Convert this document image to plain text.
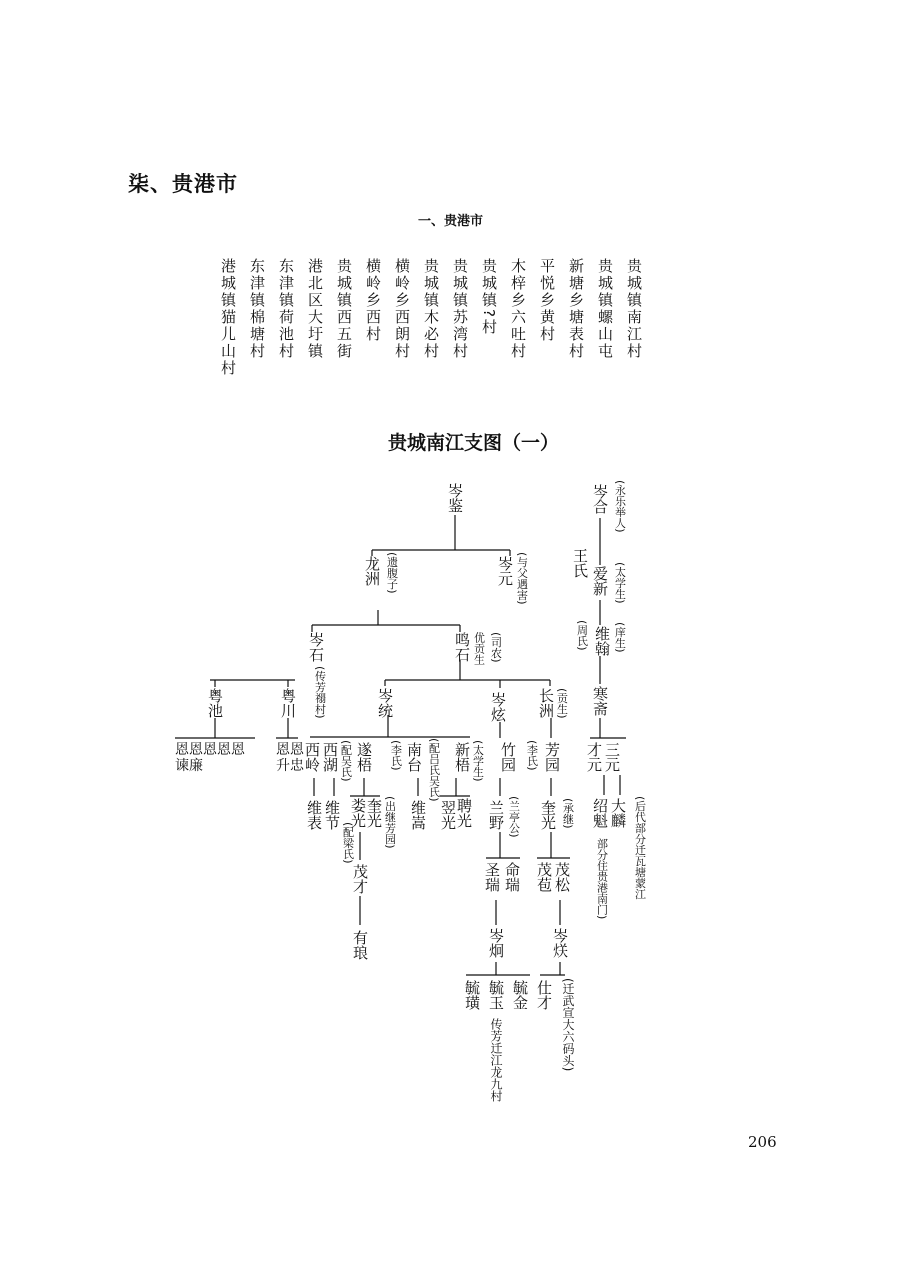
柒、贵港市
一、贵港市
贵城镇南江村
贵城镇螺山屯
新塘乡塘表村
平悦乡黄村
木梓乡六吐村
贵城镇?村
贵城镇苏湾村
贵城镇木必村
横岭乡西朗村
横岭乡西村
贵城镇西五街
港北区大圩镇
东津镇荷池村
东津镇棉塘村
港城镇猫儿山村
贵城南江支图（一）
岑鉴
龙洲 (遗腹子)	岑元 (与父遇害)
岑石
(传芳禤村)
鸣石 优贡生 (司农)
粤池	粤川	岑统	岑炫 长洲 (贡生)
恩恩恩恩恩
谏廉
恩恩
升忠 西岭 西湖 (配吴氏) 遂梧 (李氏) 南台 (配吕氏吴氏) 新梧 (太学生) 竹园 (李氏) 芳园
维表 维节
(配梁氏)
娄光
奎光 (出继芳园) 维嵩 聘光
翌光 兰野 (兰亭公) 奎光 (承继)
茂才	圣瑞 命瑞 茂苞 茂松
有琅	岑炯	岑烪
毓璜 毓玉 毓金
传芳迁江龙九村
仕才 (迁武宣大六码头)
岑合 (永乐举人)
王氏
爱新 (太学生)
维翰 (庠生)
(周氏)
寒斋
才元 三元
绍魁 大麟 (后代部分迁瓦塘蒙江
部分住贵港南门)
206
